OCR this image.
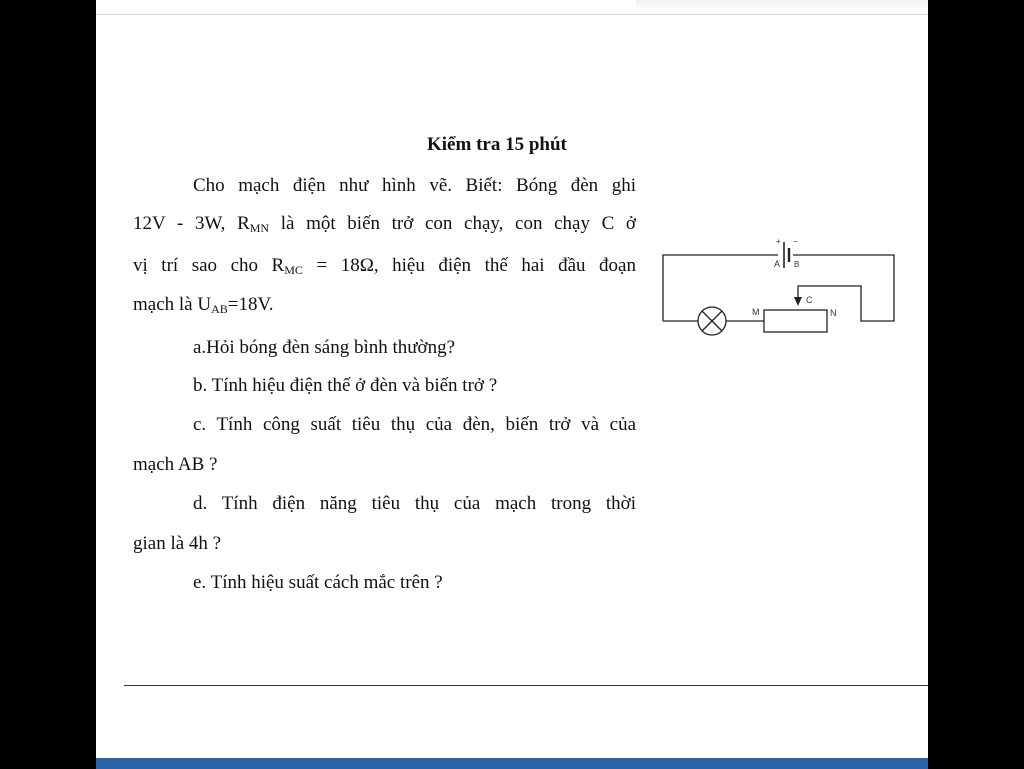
Kiểm tra 15 phút
Cho mạch điện như hình vẽ. Biết: Bóng đèn ghi
12V - 3W, $R_{MN}$ là một biến trở con chạy, con chạy C ở
vị trí sao cho $R_{MC} = 18\Omega$, hiệu điện thế hai đầu đoạn
mạch là $U_{AB}=18V$.
a.Hỏi bóng đèn sáng bình thường?
b. Tính hiệu điện thế ở đèn và biến trở ?
c. Tính công suất tiêu thụ của đèn, biến trở và của
mạch AB ?
d. Tính điện năng tiêu thụ của mạch trong thời
gian là 4h ?
e. Tính hiệu suất cách mắc trên ?
+ −
A B
C
M	N
